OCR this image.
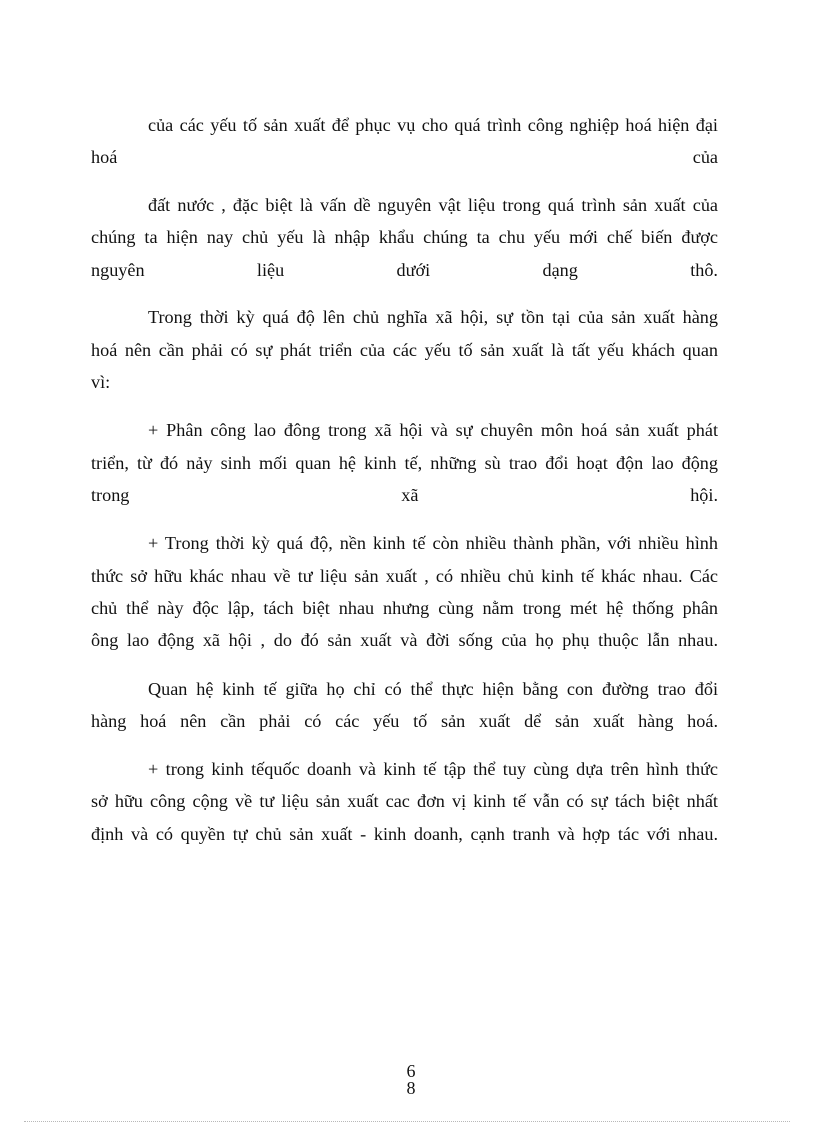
của các yếu tố sản xuất để phục vụ cho quá trình công nghiệp hoá hiện đại
hoá	của
đất nước , đặc biệt là vấn dề nguyên vật liệu trong quá trình sản xuất của
chúng ta hiện nay chủ yếu là nhập khẩu chúng ta chu yếu mới chế biến được
nguyên	liệu	dưới	dạng	thô.
Trong thời kỳ quá độ lên chủ nghĩa xã hội, sự tồn tại của sản xuất hàng
hoá nên cần phải có sự phát triển của các yếu tố sản xuất là tất yếu khách quan
vì:
+ Phân công lao đông trong xã hội và sự chuyên môn hoá sản xuất phát
triển, từ đó nảy sinh mối quan hệ kinh tế, những sù trao đổi hoạt độn lao động
trong	xã	hội.
+ Trong thời kỳ quá độ, nền kinh tế còn nhiều thành phần, với nhiều hình
thức sở hữu khác nhau về tư liệu sản xuất , có nhiều chủ kinh tế khác nhau. Các
chủ thể này độc lập, tách biệt nhau nhưng cùng nằm trong mét hệ thống phân
ông lao động xã hội , do đó sản xuất và đời sống của họ phụ thuộc lẫn nhau.
Quan hệ kinh tế giữa họ chỉ có thể thực hiện bằng con đường trao đổi
hàng hoá nên cần phải có các yếu tố sản xuất dể sản xuất hàng hoá.
+ trong kinh tếquốc doanh và kinh tế tập thể tuy cùng dựa trên hình thức
sở hữu công cộng về tư liệu sản xuất cac đơn vị kinh tế vẫn có sự tách biệt nhất
định và có quyền tự chủ sản xuất - kinh doanh, cạnh tranh và hợp tác với nhau.
6
8
